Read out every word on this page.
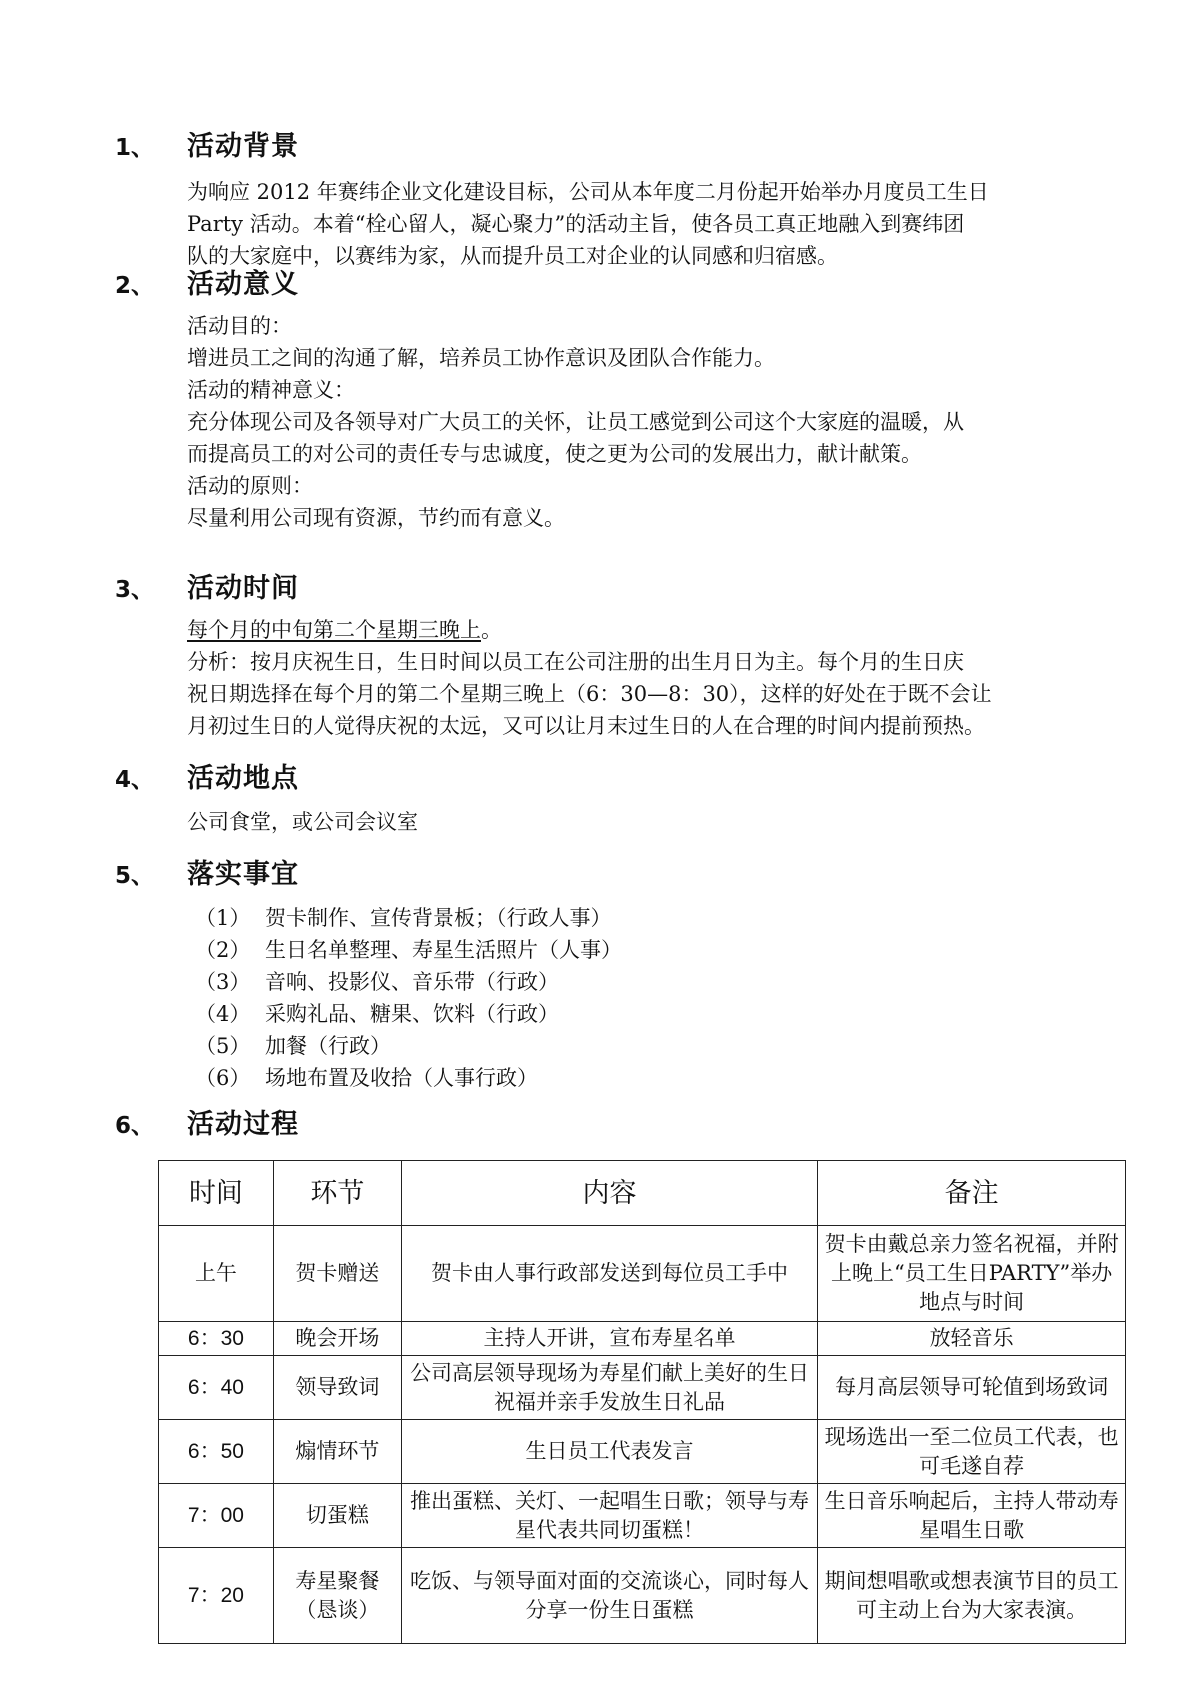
1、	活动背景

为响应 2012 年赛纬企业文化建设目标，公司从本年度二月份起开始举办月度员工生日

Party 活动。本着“栓心留人，凝心聚力”的活动主旨，使各员工真正地融入到赛纬团

队的大家庭中，以赛纬为家，从而提升员工对企业的认同感和归宿感。

2、	活动意义

活动目的：

增进员工之间的沟通了解，培养员工协作意识及团队合作能力。

活动的精神意义：

充分体现公司及各领导对广大员工的关怀，让员工感觉到公司这个大家庭的温暖，从

而提高员工的对公司的责任专与忠诚度，使之更为公司的发展出力，献计献策。

活动的原则：

尽量利用公司现有资源，节约而有意义。

3、	活动时间

每个月的中旬第二个星期三晚上。

分析：按月庆祝生日，生日时间以员工在公司注册的出生月日为主。每个月的生日庆

祝日期选择在每个月的第二个星期三晚上（6：30—8：30），这样的好处在于既不会让

月初过生日的人觉得庆祝的太远，又可以让月末过生日的人在合理的时间内提前预热。

4、	活动地点

公司食堂，或公司会议室

5、	落实事宜
（1） 贺卡制作、宣传背景板；（行政人事）
（2） 生日名单整理、寿星生活照片（人事）
（3） 音响、投影仪、音乐带（行政）
（4） 采购礼品、糖果、饮料（行政）
（5） 加餐（行政）
（6） 场地布置及收拾（人事行政）
6、	活动过程
时间	环节	内容	备注
上午	贺卡赠送	贺卡由人事行政部发送到每位员工手中	贺卡由戴总亲力签名祝福，并附上晚上“员工生日PARTY”举办地点与时间
6：30	晚会开场	主持人开讲，宣布寿星名单	放轻音乐
6：40	领导致词	公司高层领导现场为寿星们献上美好的生日祝福并亲手发放生日礼品	每月高层领导可轮值到场致词
6：50	煽情环节	生日员工代表发言	现场选出一至二位员工代表，也可毛遂自荐
7：00	切蛋糕	推出蛋糕、关灯、一起唱生日歌；领导与寿星代表共同切蛋糕！	生日音乐响起后，主持人带动寿星唱生日歌
7：20	寿星聚餐（恳谈）	吃饭、与领导面对面的交流谈心，同时每人分享一份生日蛋糕	期间想唱歌或想表演节目的员工可主动上台为大家表演。
